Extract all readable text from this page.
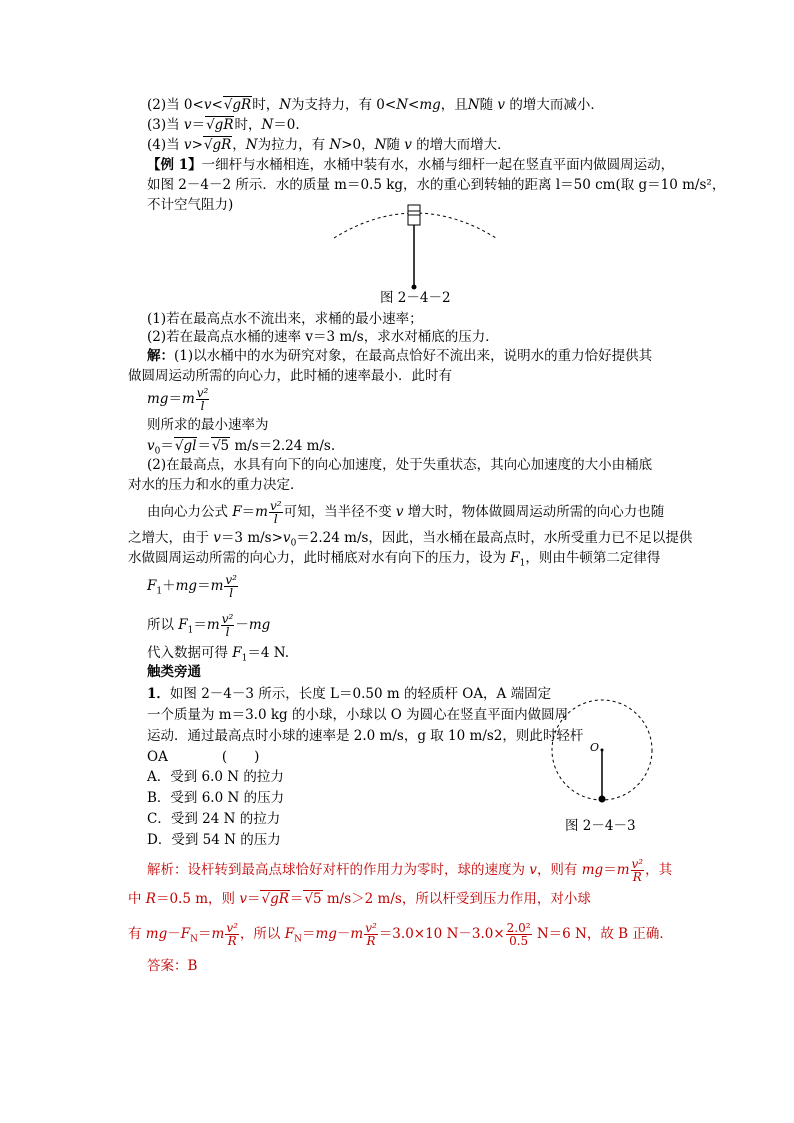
(2)当 0<v<√gR时，N为支持力，有 0<N<mg，且N随 v 的增大而减小．
(3)当 v＝√gR时，N＝0.
(4)当 v>√gR，N为拉力，有 N>0，N随 v 的增大而增大．
【例 1】一细杆与水桶相连，水桶中装有水，水桶与细杆一起在竖直平面内做圆周运动，
如图 2－4－2 所示．水的质量 m＝0.5 kg，水的重心到转轴的距离 l＝50 cm(取 g＝10 m/s²，
不计空气阻力)
图 2－4－2
(1)若在最高点水不流出来，求桶的最小速率；
(2)若在最高点水桶的速率 v＝3 m/s，求水对桶底的压力．
解：(1)以水桶中的水为研究对象，在最高点恰好不流出来，说明水的重力恰好提供其
做圆周运动所需的向心力，此时桶的速率最小．此时有
$mg=m \frac{\text{v²}}{l}$
则所求的最小速率为
$v_0=√gl=√5$ m/s＝2.24 m/s.
(2)在最高点，水具有向下的向心加速度，处于失重状态，其向心加速度的大小由桶底
对水的压力和水的重力决定．
由向心力公式 $F=m \frac{\text{v²}}{l}$ 可知，当半径不变 v 增大时，物体做圆周运动所需的向心力也随
之增大，由于 v＝3 $m/s>v_0=2.24$ m/s，因此，当水桶在最高点时，水所受重力已不足以提供
水做圆周运动所需的向心力，此时桶底对水有向下的压力，设为 $F_1$，则由牛顿第二定律得
$F_1+mg=m \frac{\text{v²}}{l}$
所以 $F_1=m \frac{\text{v²}}{l} -mg$
代入数据可得 $F_1=4$ N.
触类旁通
1．如图 2－4－3 所示，长度 L＝0.50 m 的轻质杆 OA，A 端固定
一个质量为 m＝3.0 kg 的小球，小球以 O 为圆心在竖直平面内做圆周
运动．通过最高点时小球的速率是 2.0 m/s，g 取 10 m/s2，则此时轻杆
OA　　　　(　　)
A．受到 6.0 N 的拉力
B．受到 6.0 N 的压力
C．受到 24 N 的拉力
D．受到 54 N 的压力
O
图 2－4－3
解析：设杆转到最高点球恰好对杆的作用力为零时，球的速度为 v，则有 $mg=m \frac{\text{v²}}{R}$ ，其
中 R＝0.5 m，则 v＝√gR＝√5 m/s＞2 m/s，所以杆受到压力作用，对小球
有 $mg-F_N=m \frac{\text{v²}}{R}$ ，所以 $F_N=mg-m \frac{\text{v²}}{R} =3.0\times 10$ $N-3.0\times \frac{\text{2.0²}}{0.5} N=6$ N，故 B 正确．
答案：B
